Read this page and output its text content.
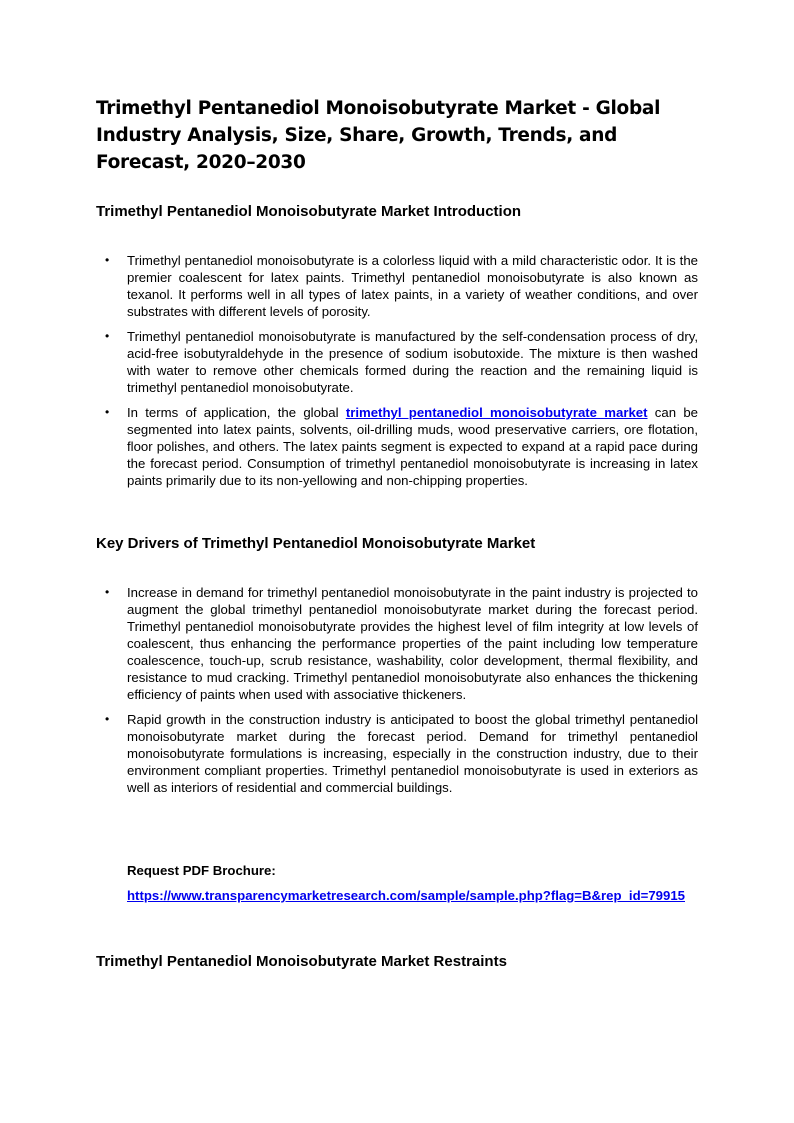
Trimethyl Pentanediol Monoisobutyrate Market - Global Industry Analysis, Size, Share, Growth, Trends, and Forecast, 2020–2030
Trimethyl Pentanediol Monoisobutyrate Market Introduction
• Trimethyl pentanediol monoisobutyrate is a colorless liquid with a mild characteristic odor. It is the premier coalescent for latex paints. Trimethyl pentanediol monoisobutyrate is also known as texanol. It performs well in all types of latex paints, in a variety of weather conditions, and over substrates with different levels of porosity.
• Trimethyl pentanediol monoisobutyrate is manufactured by the self-condensation process of dry, acid-free isobutyraldehyde in the presence of sodium isobutoxide. The mixture is then washed with water to remove other chemicals formed during the reaction and the remaining liquid is trimethyl pentanediol monoisobutyrate.
• In terms of application, the global trimethyl pentanediol monoisobutyrate market can be segmented into latex paints, solvents, oil-drilling muds, wood preservative carriers, ore flotation, floor polishes, and others. The latex paints segment is expected to expand at a rapid pace during the forecast period. Consumption of trimethyl pentanediol monoisobutyrate is increasing in latex paints primarily due to its non-yellowing and non-chipping properties.
Key Drivers of Trimethyl Pentanediol Monoisobutyrate Market
• Increase in demand for trimethyl pentanediol monoisobutyrate in the paint industry is projected to augment the global trimethyl pentanediol monoisobutyrate market during the forecast period. Trimethyl pentanediol monoisobutyrate provides the highest level of film integrity at low levels of coalescent, thus enhancing the performance properties of the paint including low temperature coalescence, touch-up, scrub resistance, washability, color development, thermal flexibility, and resistance to mud cracking. Trimethyl pentanediol monoisobutyrate also enhances the thickening efficiency of paints when used with associative thickeners.
• Rapid growth in the construction industry is anticipated to boost the global trimethyl pentanediol monoisobutyrate market during the forecast period. Demand for trimethyl pentanediol monoisobutyrate formulations is increasing, especially in the construction industry, due to their environment compliant properties. Trimethyl pentanediol monoisobutyrate is used in exteriors as well as interiors of residential and commercial buildings.

Request PDF Brochure:

https://www.transparencymarketresearch.com/sample/sample.php?flag=B&rep_id=79915
Trimethyl Pentanediol Monoisobutyrate Market Restraints
